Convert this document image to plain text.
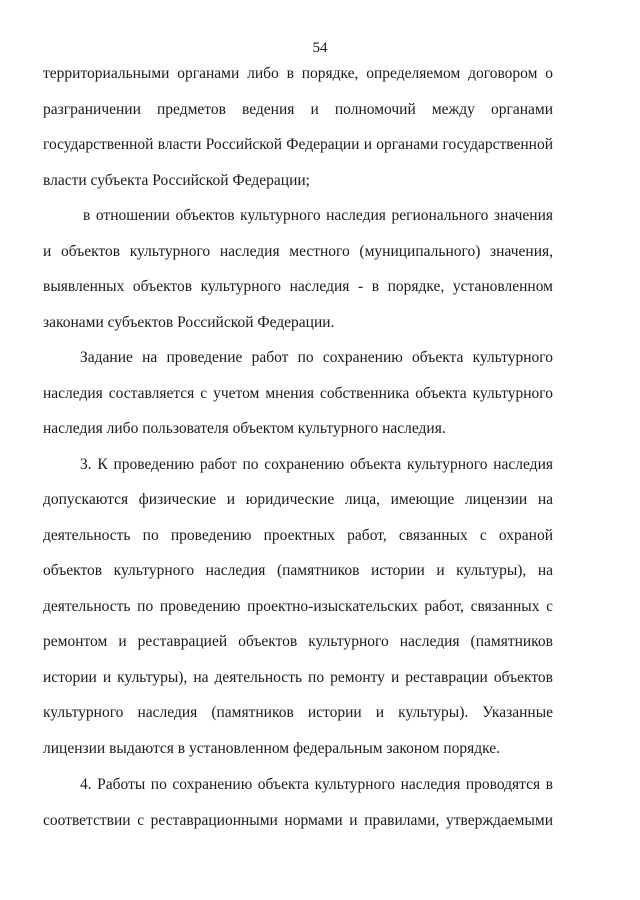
54
территориальными органами либо в порядке, определяемом договором о
разграничении предметов ведения и полномочий между органами
государственной власти Российской Федерации и органами государственной
власти субъекта Российской Федерации;
в отношении объектов культурного наследия регионального значения
и объектов культурного наследия местного (муниципального) значения,
выявленных объектов культурного наследия - в порядке, установленном
законами субъектов Российской Федерации.
Задание на проведение работ по сохранению объекта культурного
наследия составляется с учетом мнения собственника объекта культурного
наследия либо пользователя объектом культурного наследия.
3. К проведению работ по сохранению объекта культурного наследия
допускаются физические и юридические лица, имеющие лицензии на
деятельность по проведению проектных работ, связанных с охраной
объектов культурного наследия (памятников истории и культуры), на
деятельность по проведению проектно-изыскательских работ, связанных с
ремонтом и реставрацией объектов культурного наследия (памятников
истории и культуры), на деятельность по ремонту и реставрации объектов
культурного наследия (памятников истории и культуры). Указанные
лицензии выдаются в установленном федеральным законом порядке.
4. Работы по сохранению объекта культурного наследия проводятся в
соответствии с реставрационными нормами и правилами, утверждаемыми
